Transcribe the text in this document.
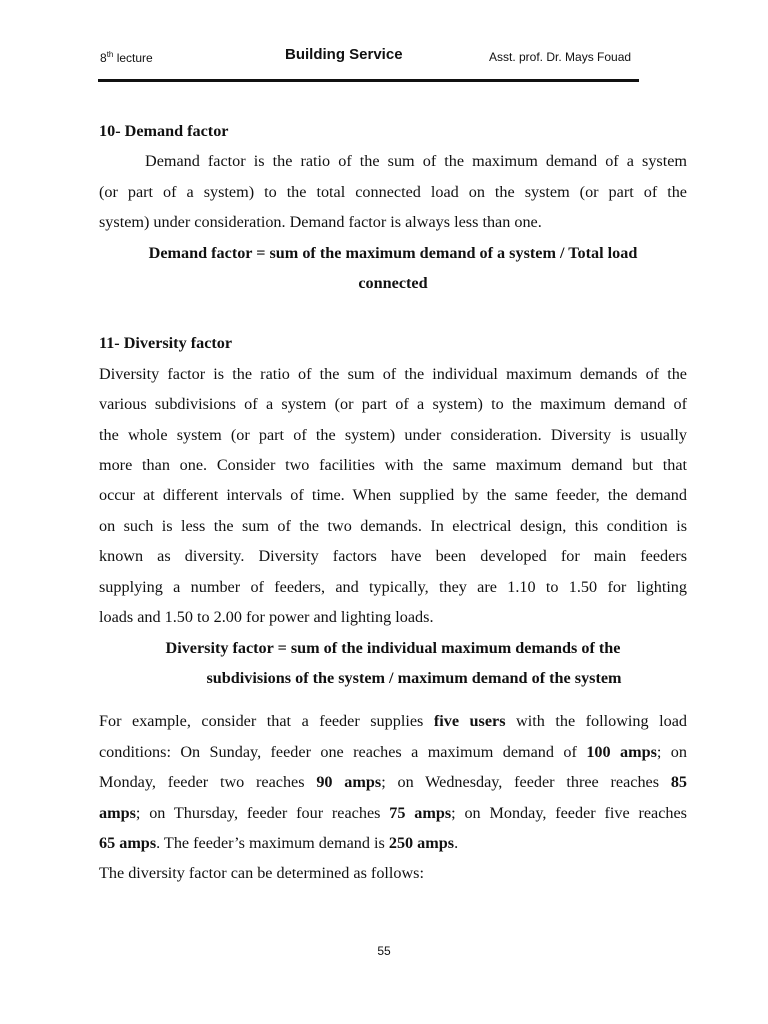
8th lecture	Building Service	Asst. prof. Dr. Mays Fouad
10- Demand factor

Demand factor is the ratio of the sum of the maximum demand of a system

(or part of a system) to the total connected load on the system (or part of the

system) under consideration. Demand factor is always less than one.

Demand factor = sum of the maximum demand of a system / Total load

connected

11- Diversity factor

Diversity factor is the ratio of the sum of the individual maximum demands of the

various subdivisions of a system (or part of a system) to the maximum demand of

the whole system (or part of the system) under consideration. Diversity is usually

more than one. Consider two facilities with the same maximum demand but that

occur at different intervals of time. When supplied by the same feeder, the demand

on such is less the sum of the two demands. In electrical design, this condition is

known as diversity. Diversity factors have been developed for main feeders

supplying a number of feeders, and typically, they are 1.10 to 1.50 for lighting

loads and 1.50 to 2.00 for power and lighting loads.

Diversity factor = sum of the individual maximum demands of the

subdivisions of the system / maximum demand of the system

For example, consider that a feeder supplies five users with the following load

conditions: On Sunday, feeder one reaches a maximum demand of 100 amps; on

Monday, feeder two reaches 90 amps; on Wednesday, feeder three reaches 85

amps; on Thursday, feeder four reaches 75 amps; on Monday, feeder five reaches

65 amps. The feeder’s maximum demand is 250 amps.

The diversity factor can be determined as follows:

55
